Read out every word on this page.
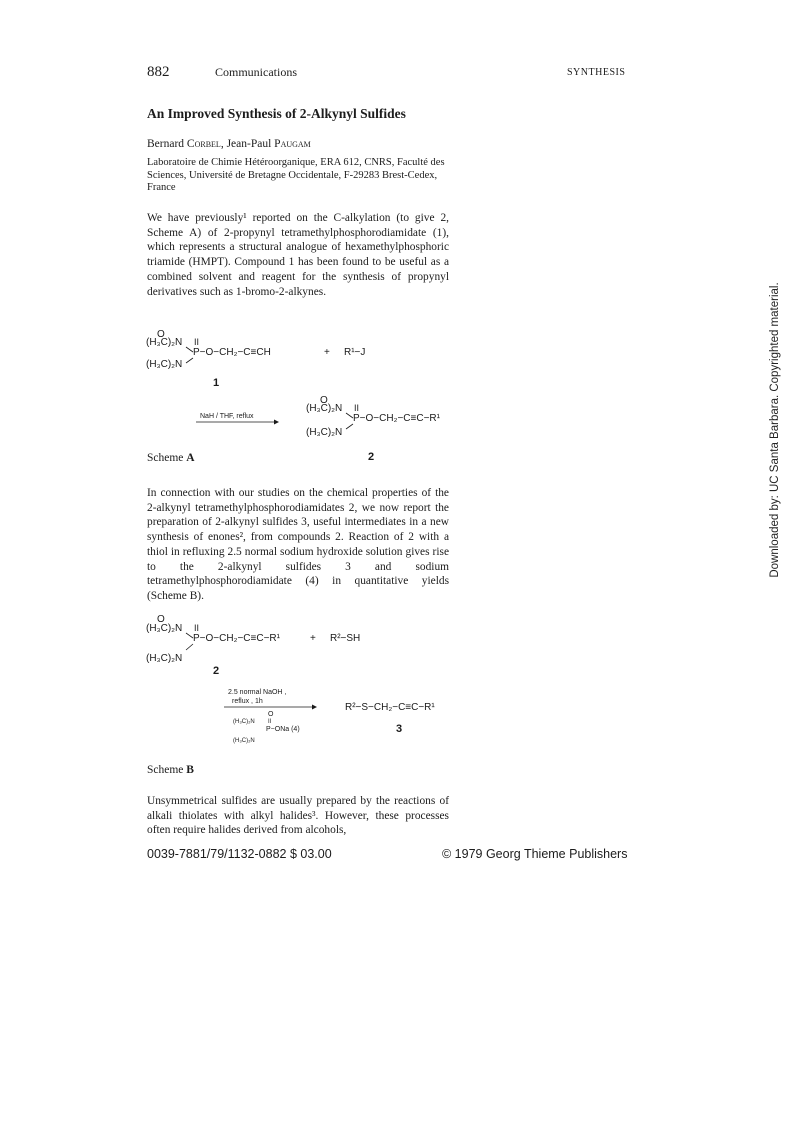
882	Communications	SYNTHESIS
An Improved Synthesis of 2-Alkynyl Sulfides
Bernard Corbel, Jean-Paul Paugam
Laboratoire de Chimie Hétéroorganique, ERA 612, CNRS, Faculté des Sciences, Université de Bretagne Occidentale, F-29283 Brest-Cedex, France
We have previously¹ reported on the C-alkylation (to give 2, Scheme A) of 2-propynyl tetramethylphosphorodiamidate (1), which represents a structural analogue of hexamethylphosphoric triamide (HMPT). Compound 1 has been found to be useful as a combined solvent and reagent for the synthesis of propynyl derivatives such as 1-bromo-2-alkynes.
O
(H₃C)₂N II
P−O−CH₂−C≡CH
(H₃C)₂N
+ R¹−J
1
NaH / THF, reflux
O
(H₃C)₂N II
P−O−CH₂−C≡C−R¹
(H₃C)₂N
2
Scheme A
In connection with our studies on the chemical properties of the 2-alkynyl tetramethylphosphorodiamidates 2, we now report the preparation of 2-alkynyl sulfides 3, useful intermediates in a new synthesis of enones², from compounds 2. Reaction of 2 with a thiol in refluxing 2.5 normal sodium hydroxide solution gives rise to the 2-alkynyl sulfides 3 and sodium tetramethylphosphorodiamidate (4) in quantitative yields (Scheme B).
O
(H₃C)₂N II
P−O−CH₂−C≡C−R¹
(H₃C)₂N
+ R²−SH
2
2.5 normal NaOH ,
reflux , 1h
O
(H₃C)₂N II
P−ONa (4)
(H₃C)₂N
R²−S−CH₂−C≡C−R¹
3
Scheme B
Unsymmetrical sulfides are usually prepared by the reactions of alkali thiolates with alkyl halides³. However, these processes often require halides derived from alcohols,
0039-7881/79/1132-0882 $ 03.00	© 1979 Georg Thieme Publishers
Downloaded by: UC Santa Barbara. Copyrighted material.
